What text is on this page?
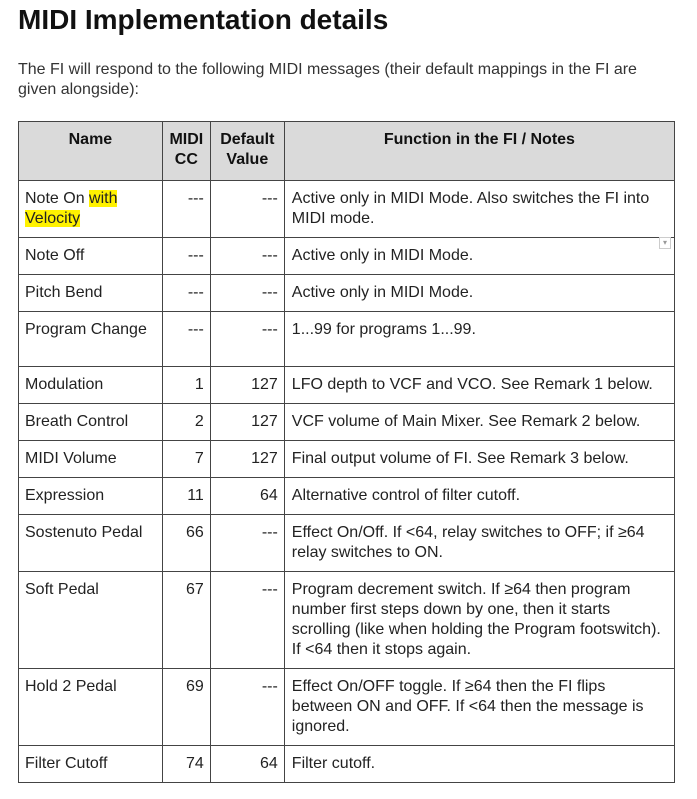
MIDI Implementation details

The FI will respond to the following MIDI messages (their default mappings in the FI are given alongside):

Name	MIDI CC	Default Value	Function in the FI / Notes
Note On with Velocity	---	---	Active only in MIDI Mode. Also switches the FI into MIDI mode.
Note Off	---	---	Active only in MIDI Mode.
Pitch Bend	---	---	Active only in MIDI Mode.
Program Change	---	---	1...99 for programs 1...99.
Modulation	1	127	LFO depth to VCF and VCO. See Remark 1 below.
Breath Control	2	127	VCF volume of Main Mixer. See Remark 2 below.
MIDI Volume	7	127	Final output volume of FI. See Remark 3 below.
Expression	11	64	Alternative control of filter cutoff.
Sostenuto Pedal	66	---	Effect On/Off. If <64, relay switches to OFF; if ≥64 relay switches to ON.
Soft Pedal	67	---	Program decrement switch. If ≥64 then program number first steps down by one, then it starts scrolling (like when holding the Program footswitch). If <64 then it stops again.
Hold 2 Pedal	69	---	Effect On/OFF toggle. If ≥64 then the FI flips between ON and OFF. If <64 then the message is ignored.
Filter Cutoff	74	64	Filter cutoff.
▾
